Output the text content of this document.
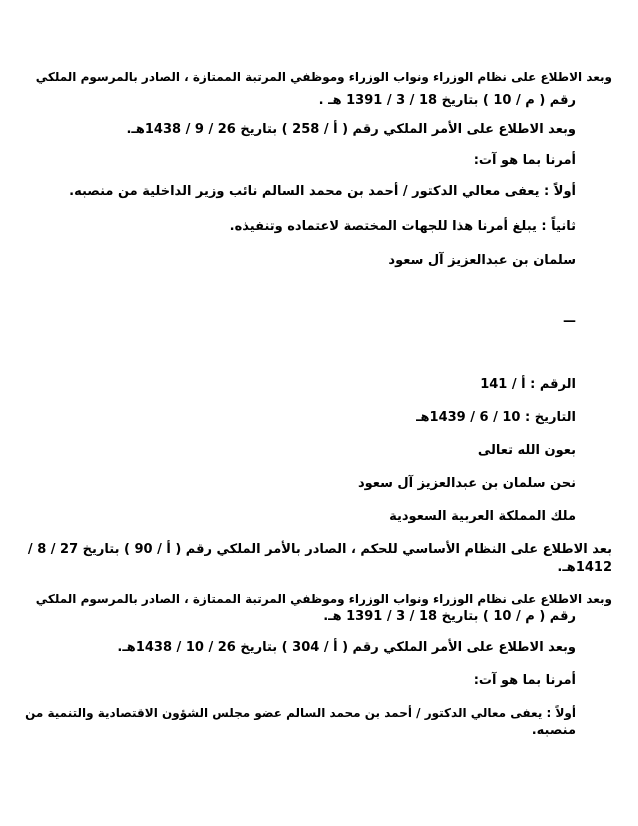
وبعد الاطلاع على نظام الوزراء ونواب الوزراء وموظفي المرتبة الممتازة ، الصادر بالمرسوم الملكي
رقم ( م / 10 ) بتاريخ 18 / 3 / 1391 هـ .
وبعد الاطلاع على الأمر الملكي رقم ( أ / 258 ) بتاريخ 26 / 9 / 1438هـ.
أمرنا بما هو آت:
أولاً : يعفى معالي الدكتور / أحمد بن محمد السالم نائب وزير الداخلية من منصبه.
ثانياً : يبلغ أمرنا هذا للجهات المختصة لاعتماده وتنفيذه.
سلمان بن عبدالعزيز آل سعود
—
الرقم : أ / 141
التاريخ : 10 / 6 / 1439هـ
بعون الله تعالى
نحن سلمان بن عبدالعزيز آل سعود
ملك المملكة العربية السعودية
بعد الاطلاع على النظام الأساسي للحكم ، الصادر بالأمر الملكي رقم ( أ / 90 ) بتاريخ 27 / 8 /
1412هـ.
وبعد الاطلاع على نظام الوزراء ونواب الوزراء وموظفي المرتبة الممتازة ، الصادر بالمرسوم الملكي
رقم ( م / 10 ) بتاريخ 18 / 3 / 1391 هـ.
وبعد الاطلاع على الأمر الملكي رقم ( أ / 304 ) بتاريخ 26 / 10 / 1438هـ.
أمرنا بما هو آت:
أولاً : يعفى معالي الدكتور / أحمد بن محمد السالم عضو مجلس الشؤون الاقتصادية والتنمية من
منصبه.
